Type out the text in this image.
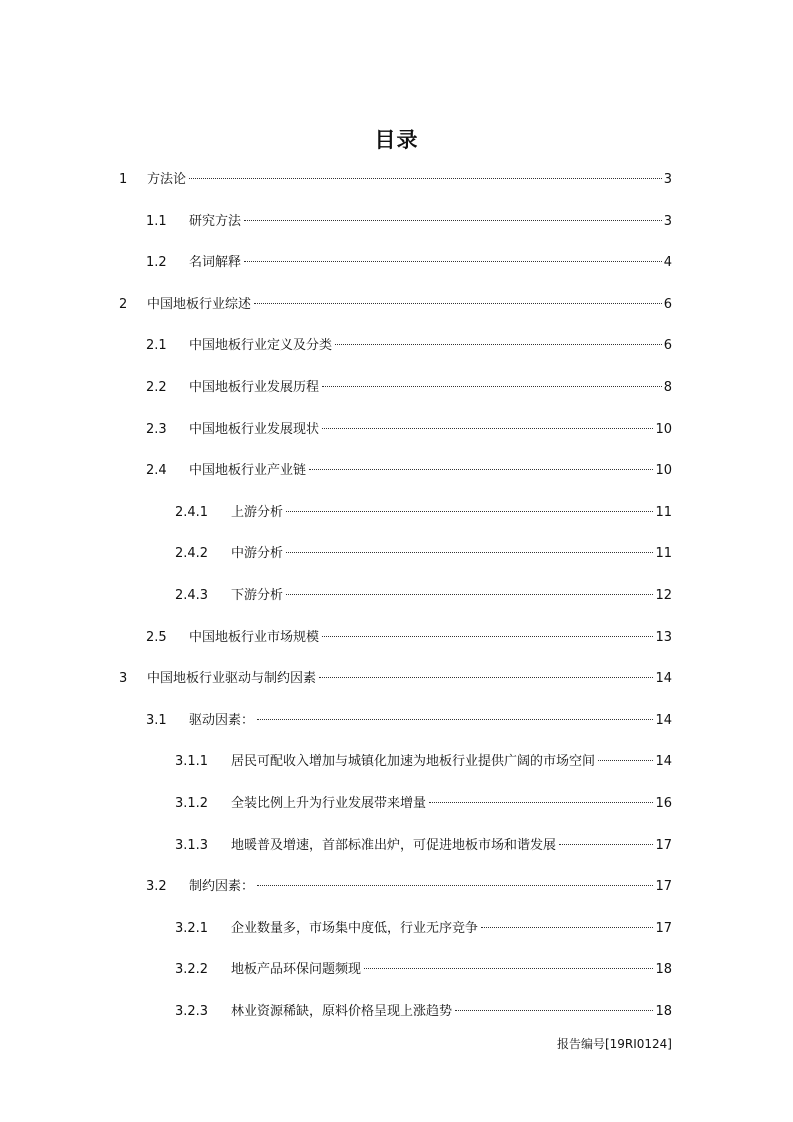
目录
1	方法论	3
1.1	研究方法	3
1.2	名词解释	4
2	中国地板行业综述	6
2.1	中国地板行业定义及分类	6
2.2	中国地板行业发展历程	8
2.3	中国地板行业发展现状	10
2.4	中国地板行业产业链	10
2.4.1	上游分析	11
2.4.2	中游分析	11
2.4.3	下游分析	12
2.5	中国地板行业市场规模	13
3	中国地板行业驱动与制约因素	14
3.1	驱动因素：	14
3.1.1	居民可配收入增加与城镇化加速为地板行业提供广阔的市场空间	14
3.1.2	全装比例上升为行业发展带来增量	16
3.1.3	地暖普及增速，首部标准出炉，可促进地板市场和谐发展	17
3.2	制约因素：	17
3.2.1	企业数量多，市场集中度低，行业无序竞争	17
3.2.2	地板产品环保问题频现	18
3.2.3	林业资源稀缺，原料价格呈现上涨趋势	18
报告编号[19RI0124]
